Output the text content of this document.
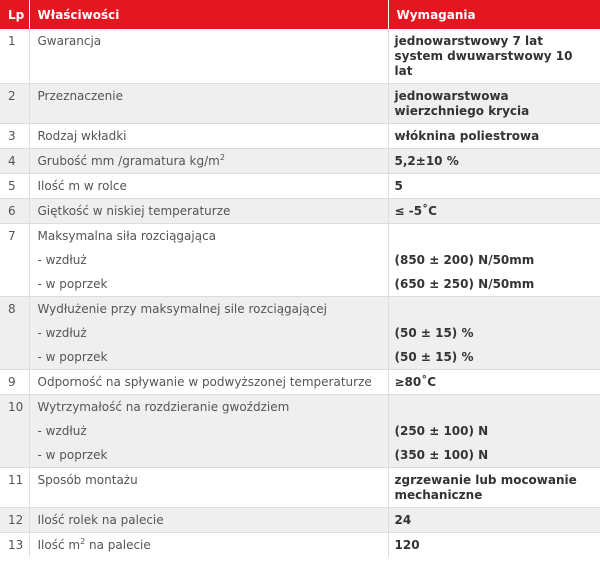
Lp	Właściwości	Wymagania
1	Gwarancja	jednowarstwowy 7 lat
system dwuwarstwowy 10 lat
2	Przeznaczenie	jednowarstwowa wierzchniego krycia
3	Rodzaj wkładki	włóknina poliestrowa
4	Grubość mm /gramatura $kg/m^2$	5,2±10 %
5	Ilość m w rolce	5
6	Giętkość w niskiej temperaturze	≤ -5˚C
7	Maksymalna siła rozciągająca	
	- wzdłuż	(850 ± 200) N/50mm
	- w poprzek	(650 ± 250) N/50mm
8	Wydłużenie przy maksymalnej sile rozciągającej	
	- wzdłuż	(50 ± 15) %
	- w poprzek	(50 ± 15) %
9	Odporność na spływanie w podwyższonej temperaturze	≥80˚C
10	Wytrzymałość na rozdzieranie gwoździem	
	- wzdłuż	(250 ± 100) N
	- w poprzek	(350 ± 100) N
11	Sposób montażu	zgrzewanie lub mocowanie mechaniczne
12	Ilość rolek na palecie	24
13	Ilość $m^2$ na palecie	120
